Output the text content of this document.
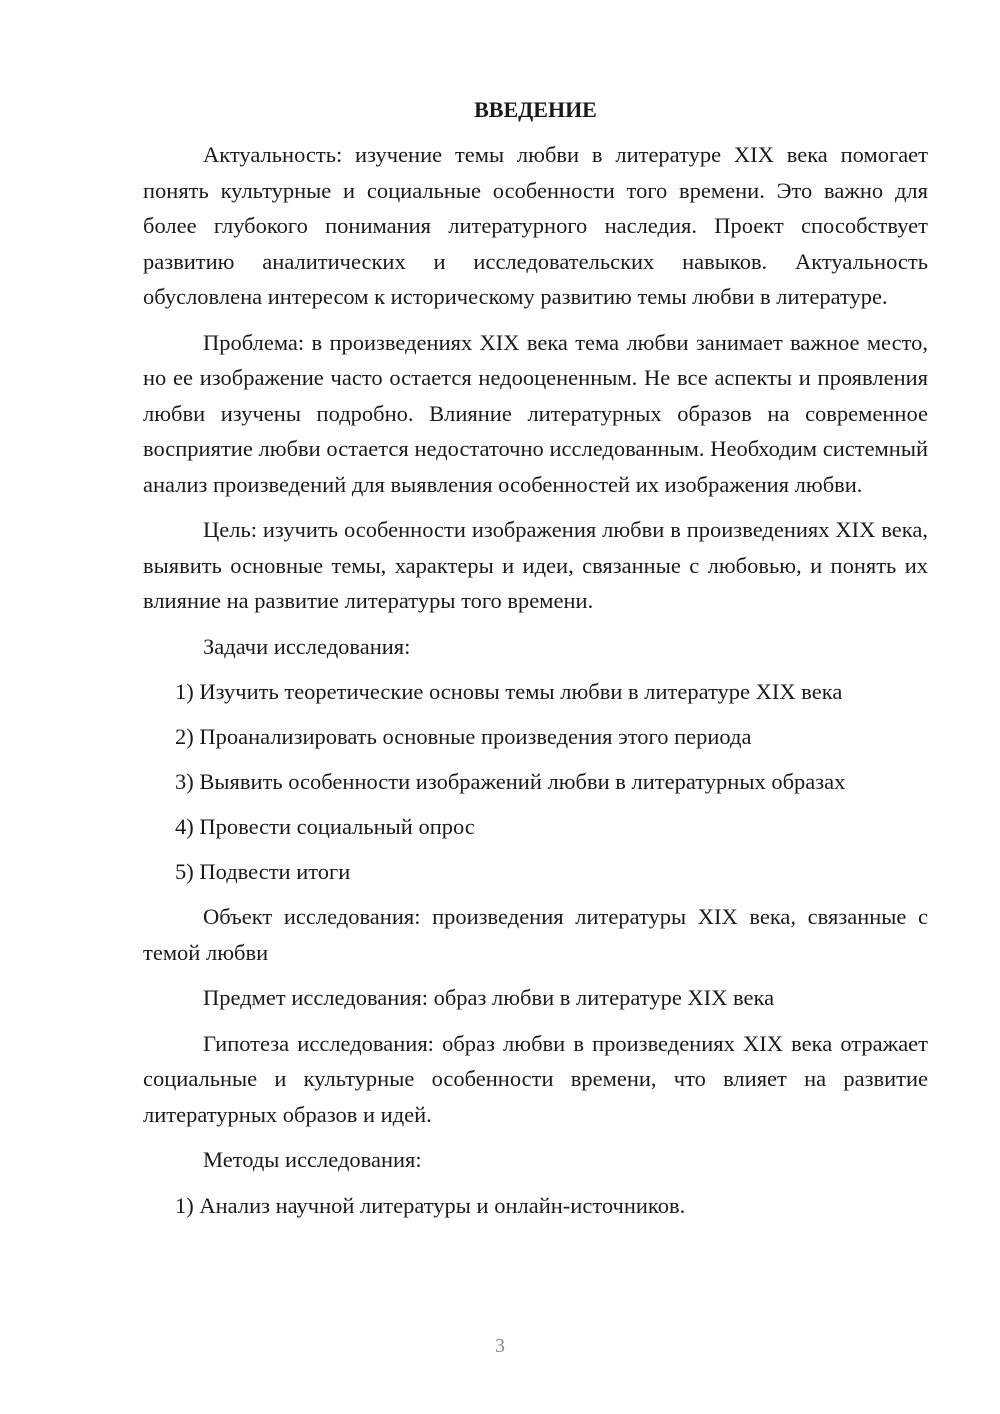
ВВЕДЕНИЕ

Актуальность: изучение темы любви в литературе XIX века помогает понять культурные и социальные особенности того времени. Это важно для более глубокого понимания литературного наследия. Проект способствует развитию аналитических и исследовательских навыков. Актуальность обусловлена интересом к историческому развитию темы любви в литературе.

Проблема: в произведениях XIX века тема любви занимает важное место, но ее изображение часто остается недооцененным. Не все аспекты и проявления любви изучены подробно. Влияние литературных образов на современное восприятие любви остается недостаточно исследованным. Необходим системный анализ произведений для выявления особенностей их изображения любви.

Цель: изучить особенности изображения любви в произведениях XIX века, выявить основные темы, характеры и идеи, связанные с любовью, и понять их влияние на развитие литературы того времени.

Задачи исследования:
1) Изучить теоретические основы темы любви в литературе XIX века
2) Проанализировать основные произведения этого периода
3) Выявить особенности изображений любви в литературных образах
4) Провести социальный опрос
5) Подвести итоги

Объект исследования: произведения литературы XIX века, связанные с темой любви

Предмет исследования: образ любви в литературе XIX века

Гипотеза исследования: образ любви в произведениях XIX века отражает социальные и культурные особенности времени, что влияет на развитие литературных образов и идей.

Методы исследования:
1) Анализ научной литературы и онлайн-источников.
3
